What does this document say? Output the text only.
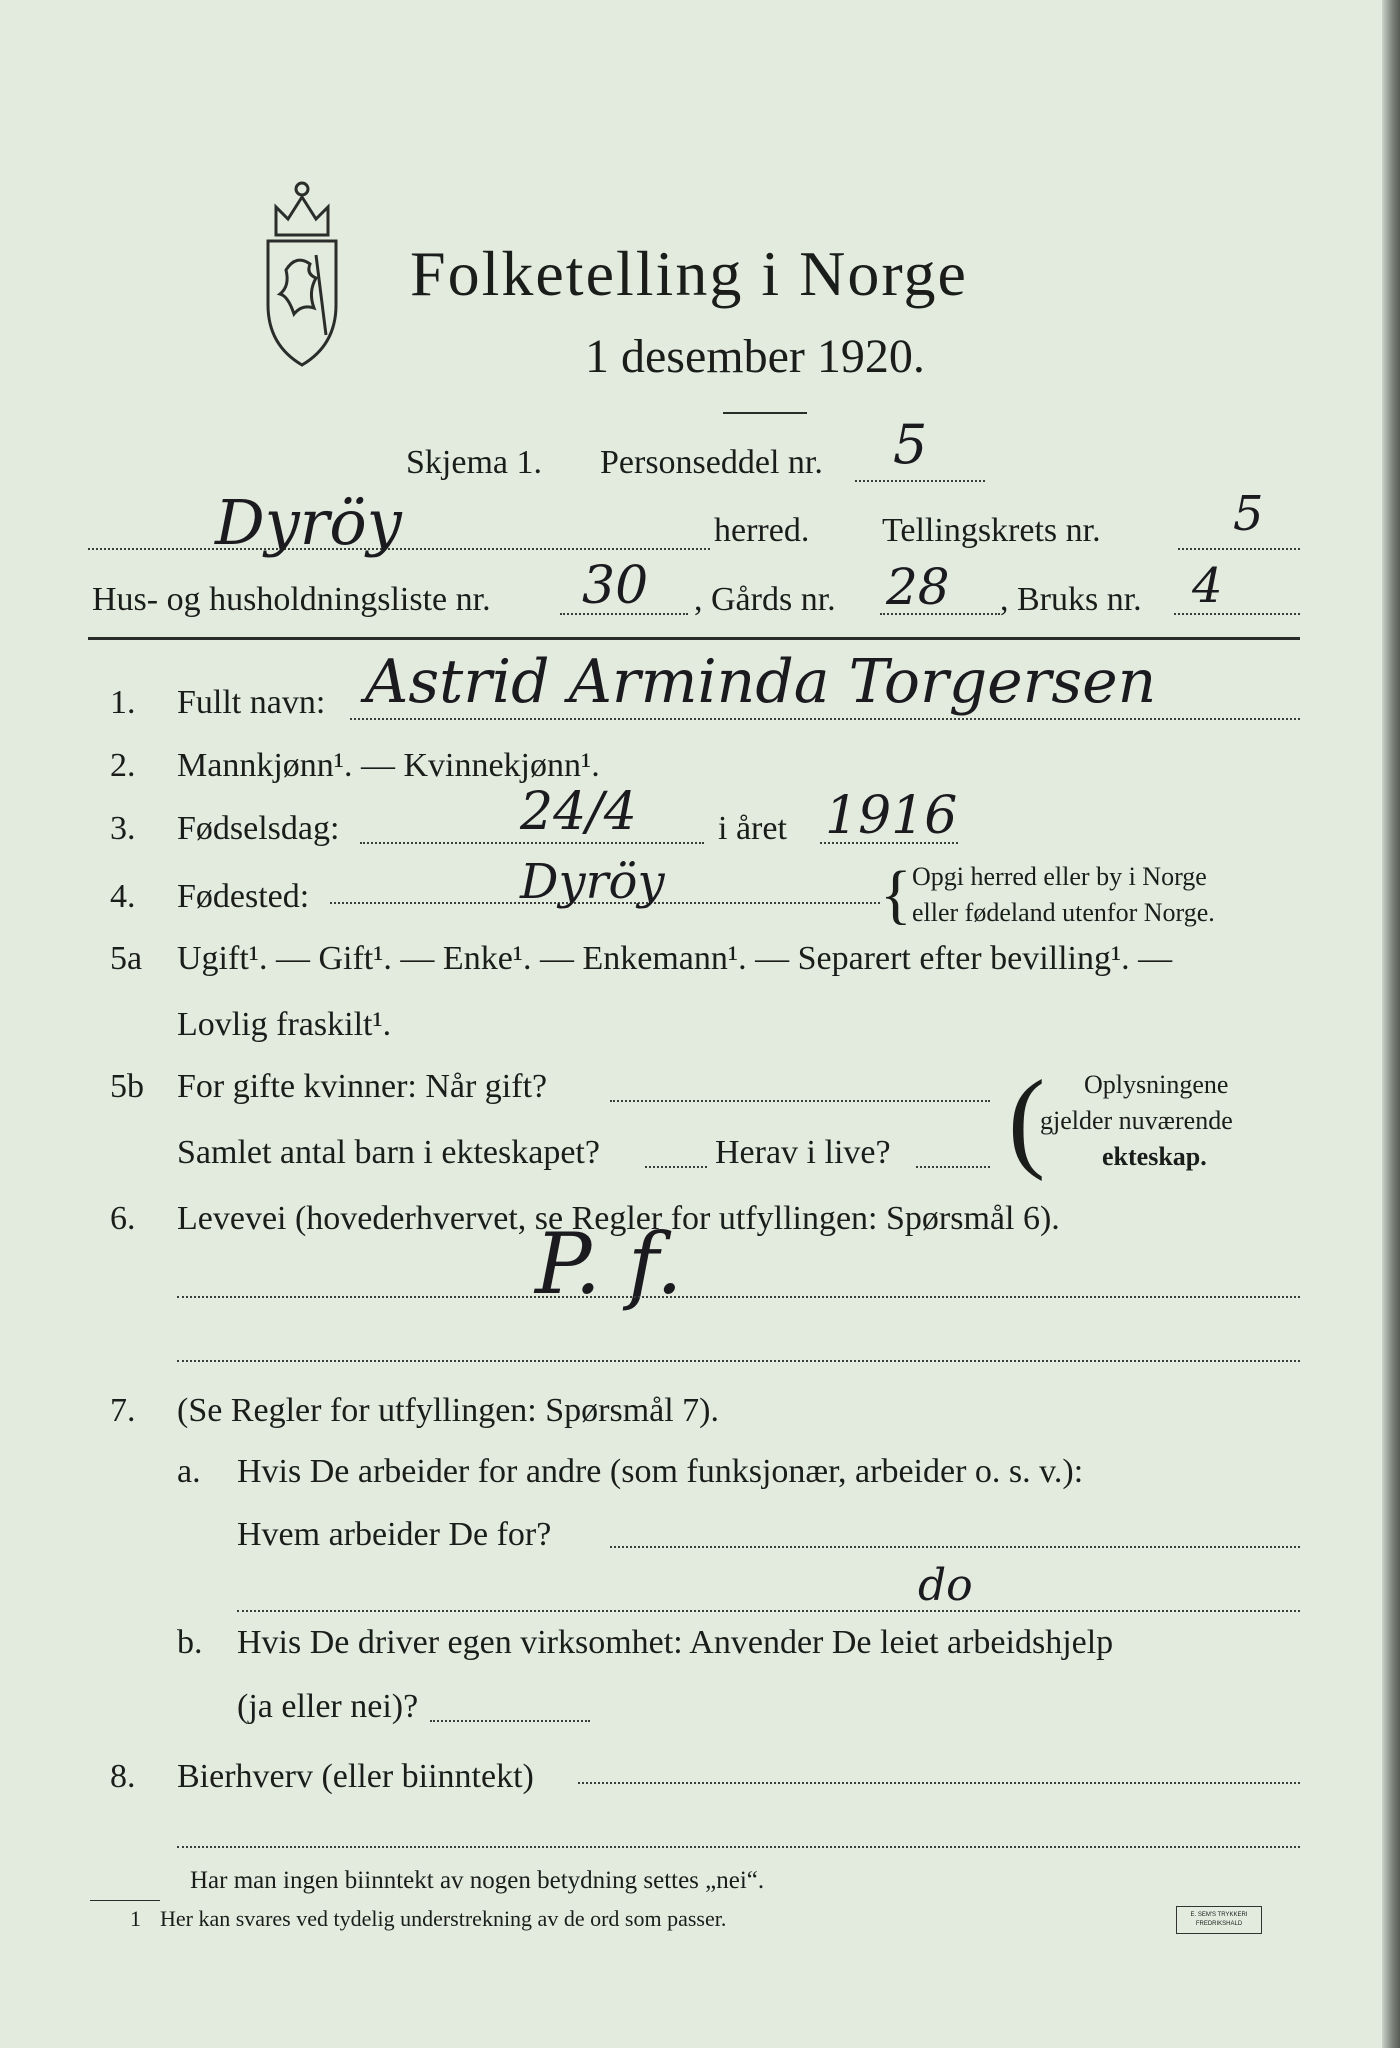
Folketelling i Norge
1 desember 1920.
Skjema 1. Personseddel nr. 5
Dyröy	herred. Tellingskrets nr.	5
Hus- og husholdningsliste nr. 30 , Gårds nr. 28 , Bruks nr. 4
1. Fullt navn: Astrid Arminda Torgersen
2. Mannkjønn¹. — Kvinnekjønn¹.
3. Fødselsdag:	24/4 i året 1916
4. Fødested:	Dyröy	{ Opgi herred eller by i Norge
eller fødeland utenfor Norge.
5a Ugift¹. — Gift¹. — Enke¹. — Enkemann¹. — Separert efter bevilling¹. —
Lovlig fraskilt¹.
5b For gifte kvinner: Når gift?
Samlet antal barn i ekteskapet?	Herav i live? ( Oplysningene
gjelder nuværende
ekteskap.
6. Levevei (hovederhvervet, se Regler for utfyllingen: Spørsmål 6).
P. f.
7. (Se Regler for utfyllingen: Spørsmål 7).
a. Hvis De arbeider for andre (som funksjonær, arbeider o. s. v.):
Hvem arbeider De for?
do
b. Hvis De driver egen virksomhet: Anvender De leiet arbeidshjelp
(ja eller nei)?
8. Bierhverv (eller biinntekt)
Har man ingen biinntekt av nogen betydning settes „nei“.
1 Her kan svares ved tydelig understrekning av de ord som passer.	E. SEM'S TRYKKERI FREDRIKSHALD
